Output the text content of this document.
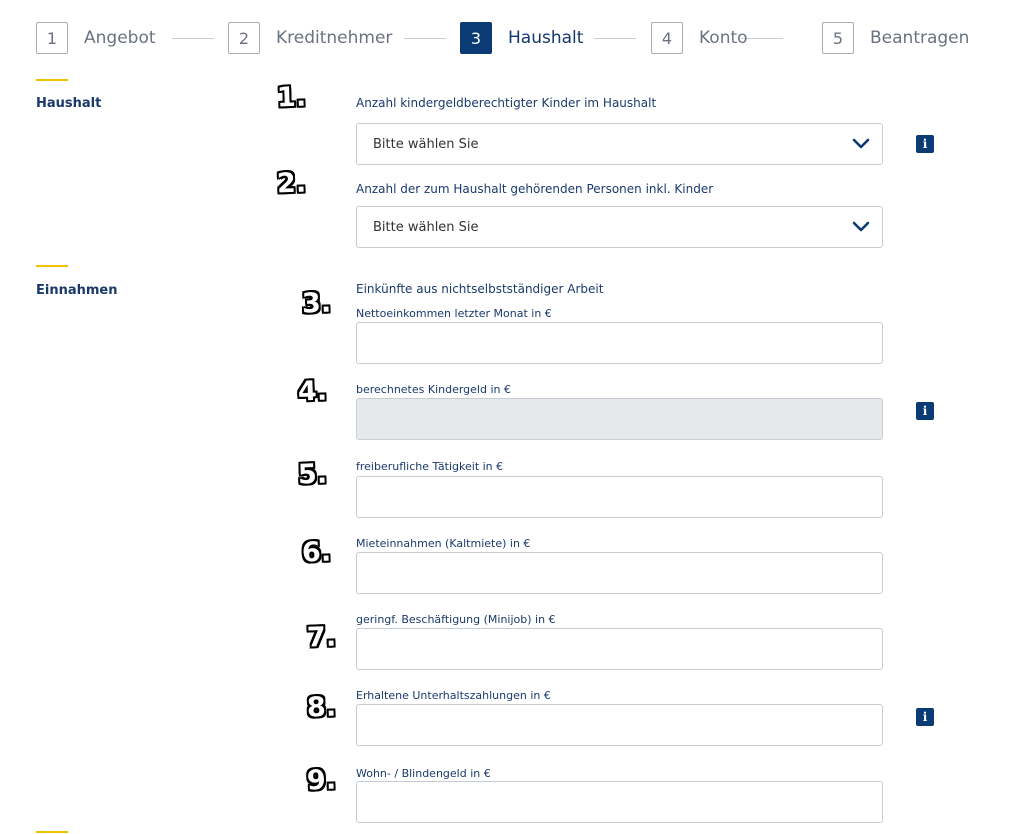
1	Angebot	2	Kreditnehmer	3	Haushalt	4	Konto	5	Beantragen
Haushalt	1.	Anzahl kindergeldberechtigter Kinder im Haushalt
Bitte wählen Sie	i
2.	Anzahl der zum Haushalt gehörenden Personen inkl. Kinder
Bitte wählen Sie
Einnahmen	Einkünfte aus nichtselbstständiger Arbeit
3. Nettoeinkommen letzter Monat in €
4.	berechnetes Kindergeld in €
i
5.	freiberufliche Tätigkeit in €
6. Mieteinnahmen (Kaltmiete) in €
7.
geringf. Beschäftigung (Minijob) in €
8. Erhaltene Unterhaltszahlungen in €
i
9. Wohn- / Blindengeld in €
